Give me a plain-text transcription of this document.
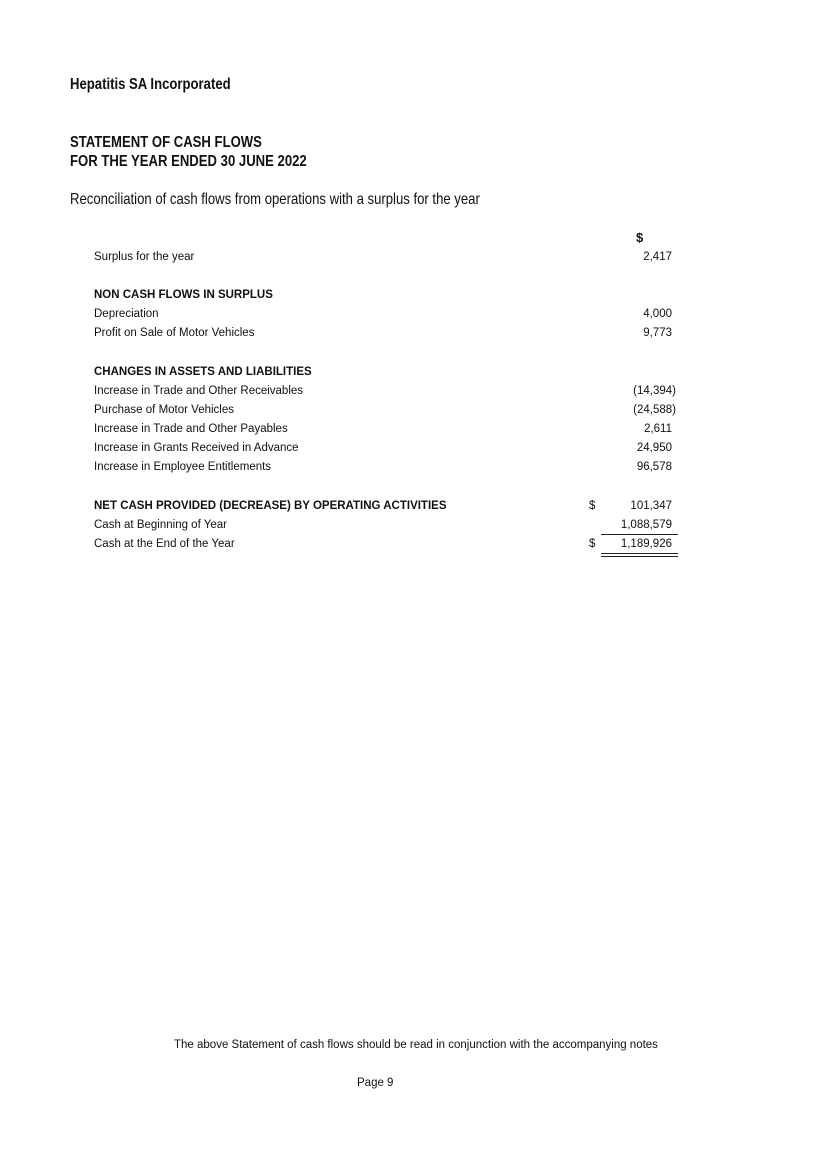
Hepatitis SA Incorporated
STATEMENT OF CASH FLOWS
FOR THE YEAR ENDED 30 JUNE 2022
Reconciliation of cash flows from operations with a surplus for the year
$
Surplus for the year	2,417
NON CASH FLOWS IN SURPLUS
Depreciation	4,000
Profit on Sale of Motor Vehicles	9,773
CHANGES IN ASSETS AND LIABILITIES
Increase in Trade and Other Receivables	(14,394)
Purchase of Motor Vehicles	(24,588)
Increase in Trade and Other Payables	2,611
Increase in Grants Received in Advance	24,950
Increase in Employee Entitlements	96,578
NET CASH PROVIDED (DECREASE) BY OPERATING ACTIVITIES	$	101,347
Cash at Beginning of Year	1,088,579
Cash at the End of the Year	$ 1,189,926
The above Statement of cash flows should be read in conjunction with the accompanying notes
Page 9
